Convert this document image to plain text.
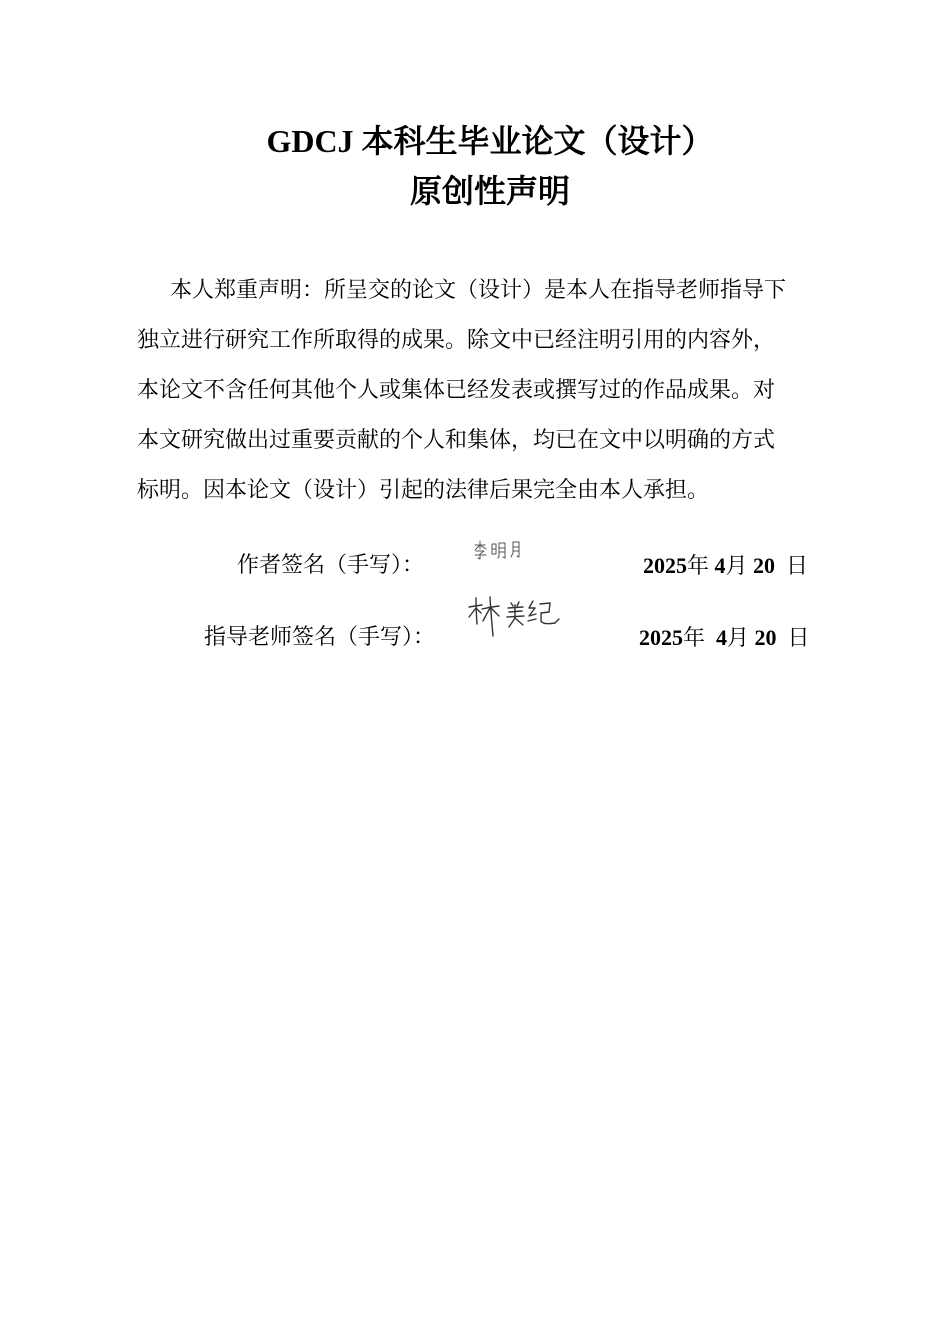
GDCJ 本科生毕业论文（设计）
原创性声明
本人郑重声明：所呈交的论文（设计）是本人在指导老师指导下
独立进行研究工作所取得的成果。除文中已经注明引用的内容外，
本论文不含任何其他个人或集体已经发表或撰写过的作品成果。对
本文研究做出过重要贡献的个人和集体，均已在文中以明确的方式
标明。因本论文（设计）引起的法律后果完全由本人承担。
作者签名（手写）：	2025年 4月 20 日
指导老师签名（手写）：	2025年 4月 20 日
